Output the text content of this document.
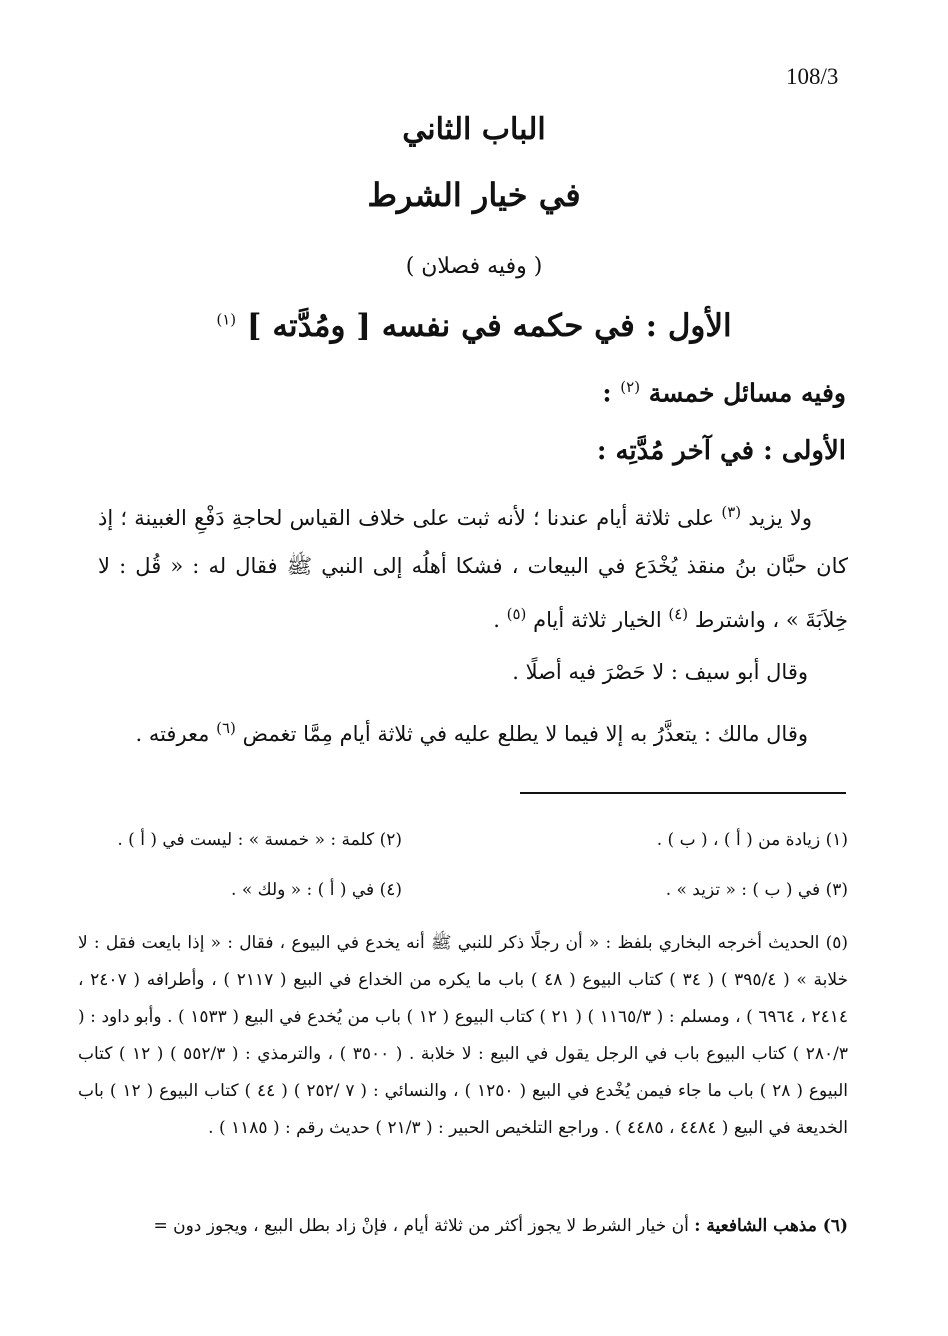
108/3
الباب الثاني
في خيار الشرط
( وفيه فصلان )
الأول : في حكمه في نفسه [ ومُدَّته ] $^{(١)}$
وفيه مسائل خمسة $^{(٢)}$ :
الأولى : في آخر مُدَّتِه :
ولا يزيد $^{(٣)}$ على ثلاثة أيام عندنا ؛ لأنه ثبت على خلاف القياس لحاجةِ دَفْعِ الغبينة ؛ إذ كان حبَّان بنُ منقذ يُخْدَع في البيعات ، فشكا أهلُه إلى النبي ﷺ فقال له : « قُل : لا خِلاَبَةَ » ، واشترط $^{(٤)}$ الخيار ثلاثة أيام $^{(٥)}$ .
وقال أبو سيف : لا حَصْرَ فيه أصلًا .
وقال مالك : يتعذَّرُ به إلا فيما لا يطلع عليه في ثلاثة أيام مِمَّا تغمض $^{(٦)}$ معرفته .
(١) زيادة من ( أ ) ، ( ب ) .
(٢) كلمة : « خمسة » : ليست في ( أ ) .
(٣) في ( ب ) : « تزيد » .
(٤) في ( أ ) : « ولك » .
(٥) الحديث أخرجه البخاري بلفظ : « أن رجلًا ذكر للنبي ﷺ أنه يخدع في البيوع ، فقال : « إذا بايعت فقل : لا خلابة » ( ٣٩٥/٤ ) ( ٣٤ ) كتاب البيوع ( ٤٨ ) باب ما يكره من الخداع في البيع ( ٢١١٧ ) ، وأطرافه ( ٢٤٠٧ ، ٢٤١٤ ، ٦٩٦٤ ) ، ومسلم : ( ١١٦٥/٣ ) ( ٢١ ) كتاب البيوع ( ١٢ ) باب من يُخدع في البيع ( ١٥٣٣ ) . وأبو داود : ( ٢٨٠/٣ ) كتاب البيوع باب في الرجل يقول في البيع : لا خلابة . ( ٣٥٠٠ ) ، والترمذي : ( ٥٥٢/٣ ) ( ١٢ ) كتاب البيوع ( ٢٨ ) باب ما جاء فيمن يُخْدع في البيع ( ١٢٥٠ ) ، والنسائي : ( ٧ /٢٥٢ ) ( ٤٤ ) كتاب البيوع ( ١٢ ) باب الخديعة في البيع ( ٤٤٨٤ ، ٤٤٨٥ ) . وراجع التلخيص الحبير : ( ٢١/٣ ) حديث رقم : ( ١١٨٥ ) .
(٦) مذهب الشافعية : أن خيار الشرط لا يجوز أكثر من ثلاثة أيام ، فإنْ زاد بطل البيع ، ويجوز دون =
